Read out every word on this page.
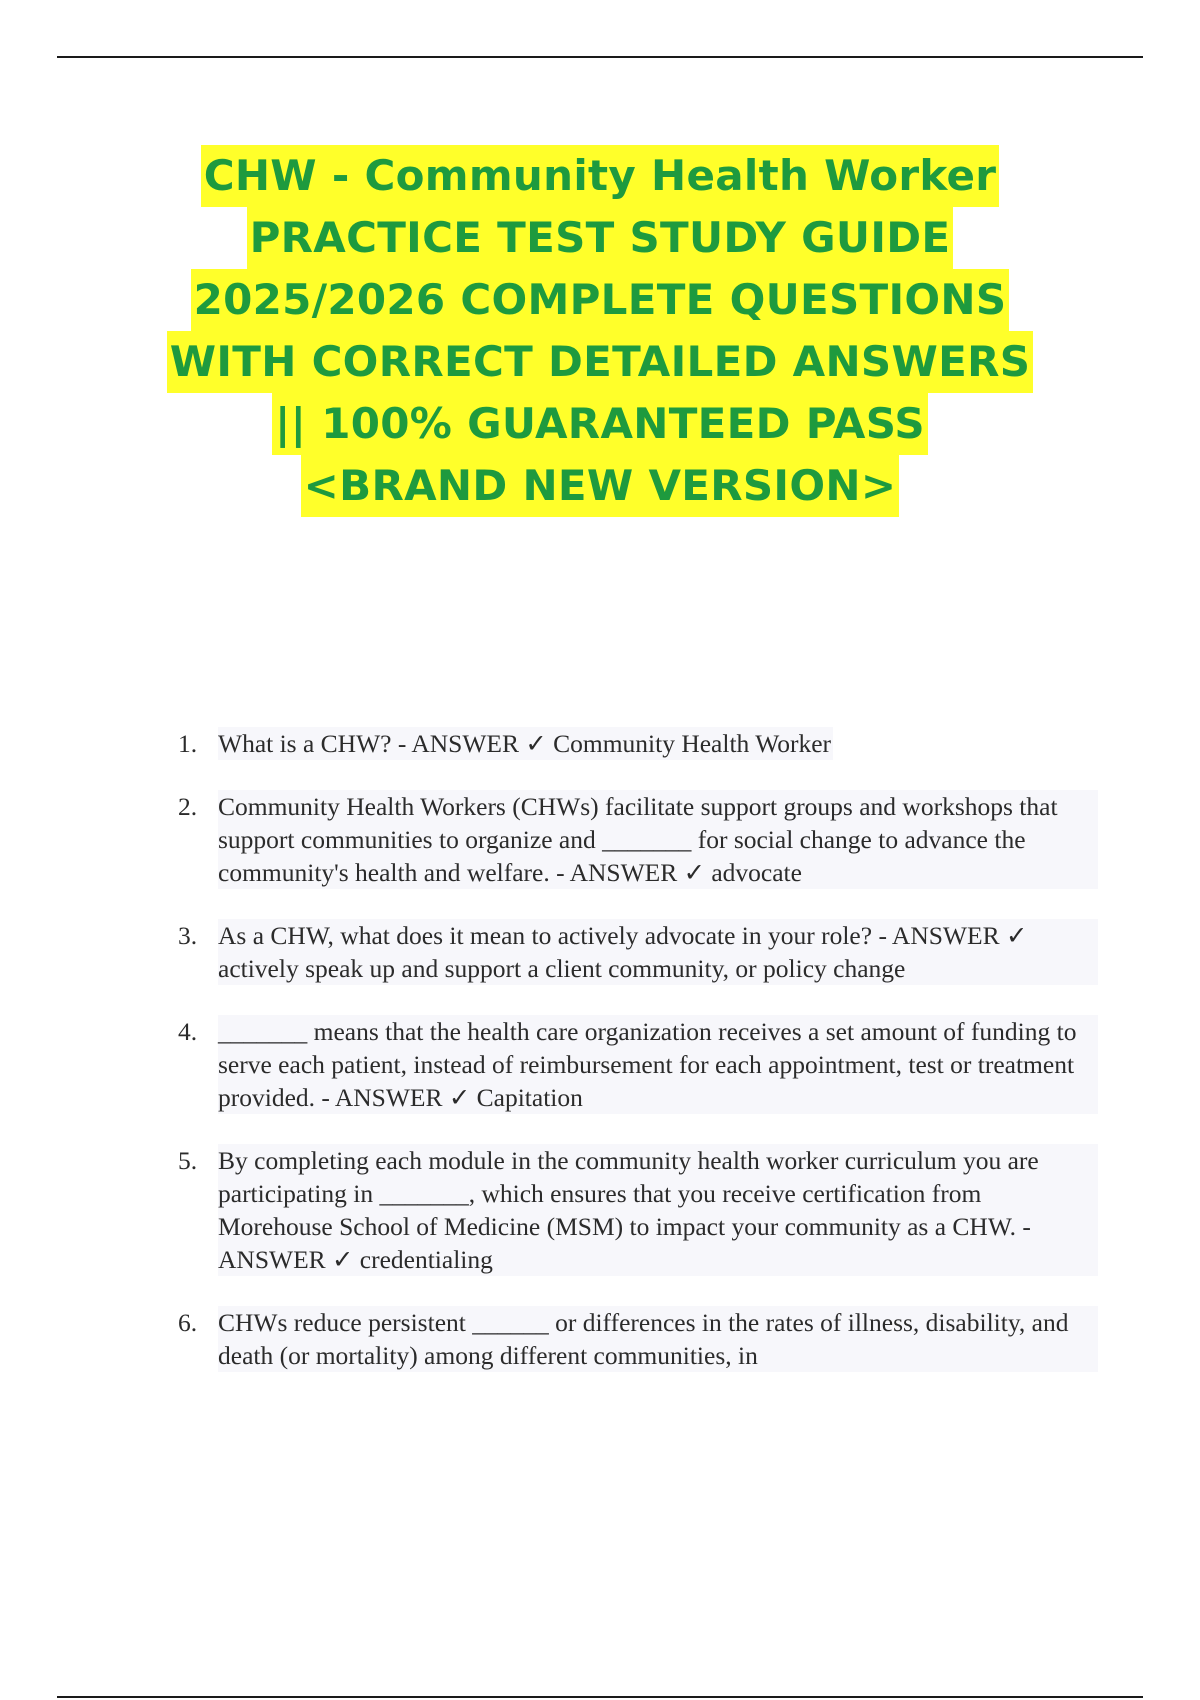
CHW - Community Health Worker
PRACTICE TEST STUDY GUIDE
2025/2026 COMPLETE QUESTIONS
WITH CORRECT DETAILED ANSWERS
|| 100% GUARANTEED PASS
<BRAND NEW VERSION>
1. What is a CHW? - ANSWER ✓ Community Health Worker
2. Community Health Workers (CHWs) facilitate support groups and workshops that support communities to organize and _______ for social change to advance the community's health and welfare. - ANSWER ✓ advocate
3. As a CHW, what does it mean to actively advocate in your role? - ANSWER ✓ actively speak up and support a client community, or policy change
4. _______ means that the health care organization receives a set amount of funding to serve each patient, instead of reimbursement for each appointment, test or treatment provided. - ANSWER ✓ Capitation
5. By completing each module in the community health worker curriculum you are participating in _______, which ensures that you receive certification from Morehouse School of Medicine (MSM) to impact your community as a CHW. - ANSWER ✓ credentialing
6. CHWs reduce persistent ______ or differences in the rates of illness, disability, and death (or mortality) among different communities, in
